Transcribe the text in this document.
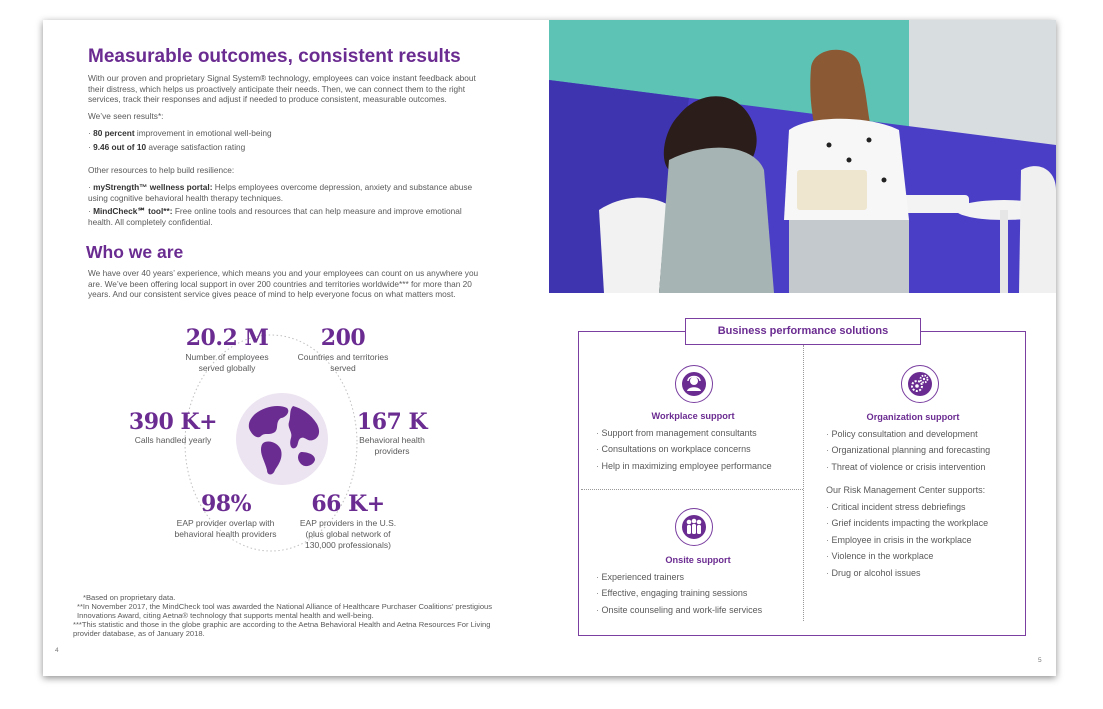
Measurable outcomes, consistent results
With our proven and proprietary Signal System® technology, employees can voice instant feedback about their distress, which helps us proactively anticipate their needs. Then, we can connect them to the right services, track their responses and adjust if needed to produce consistent, measurable outcomes.
We’ve seen results*:
· 80 percent improvement in emotional well-being
· 9.46 out of 10 average satisfaction rating
Other resources to help build resilience:
· myStrength™ wellness portal: Helps employees overcome depression, anxiety and substance abuse using cognitive behavioral health therapy techniques.
· MindCheck℠ tool**: Free online tools and resources that can help measure and improve emotional health. All completely confidential.
Who we are
We have over 40 years’ experience, which means you and your employees can count on us anywhere you are. We’ve been offering local support in over 200 countries and territories worldwide*** for more than 20 years. And our consistent service gives peace of mind to help everyone focus on what matters most.
20.2 M
Number of employees served globally
200
Countries and territories served
390 K+
Calls handled yearly
167 K
Behavioral health providers
98%
EAP provider overlap with behavioral health providers
66 K+
EAP providers in the U.S. (plus global network of 130,000 professionals)
*Based on proprietary data.
**In November 2017, the MindCheck tool was awarded the National Alliance of Healthcare Purchaser Coalitions’ prestigious Innovations Award, citing Aetna® technology that supports mental health and well-being.
***This statistic and those in the globe graphic are according to the Aetna Behavioral Health and Aetna Resources For Living provider database, as of January 2018.
4
Business performance solutions
Workplace support
· Support from management consultants
· Consultations on workplace concerns
· Help in maximizing employee performance
Onsite support
· Experienced trainers
· Effective, engaging training sessions
· Onsite counseling and work-life services
Organization support
· Policy consultation and development
· Organizational planning and forecasting
· Threat of violence or crisis intervention
Our Risk Management Center supports:
· Critical incident stress debriefings
· Grief incidents impacting the workplace
· Employee in crisis in the workplace
· Violence in the workplace
· Drug or alcohol issues
5
